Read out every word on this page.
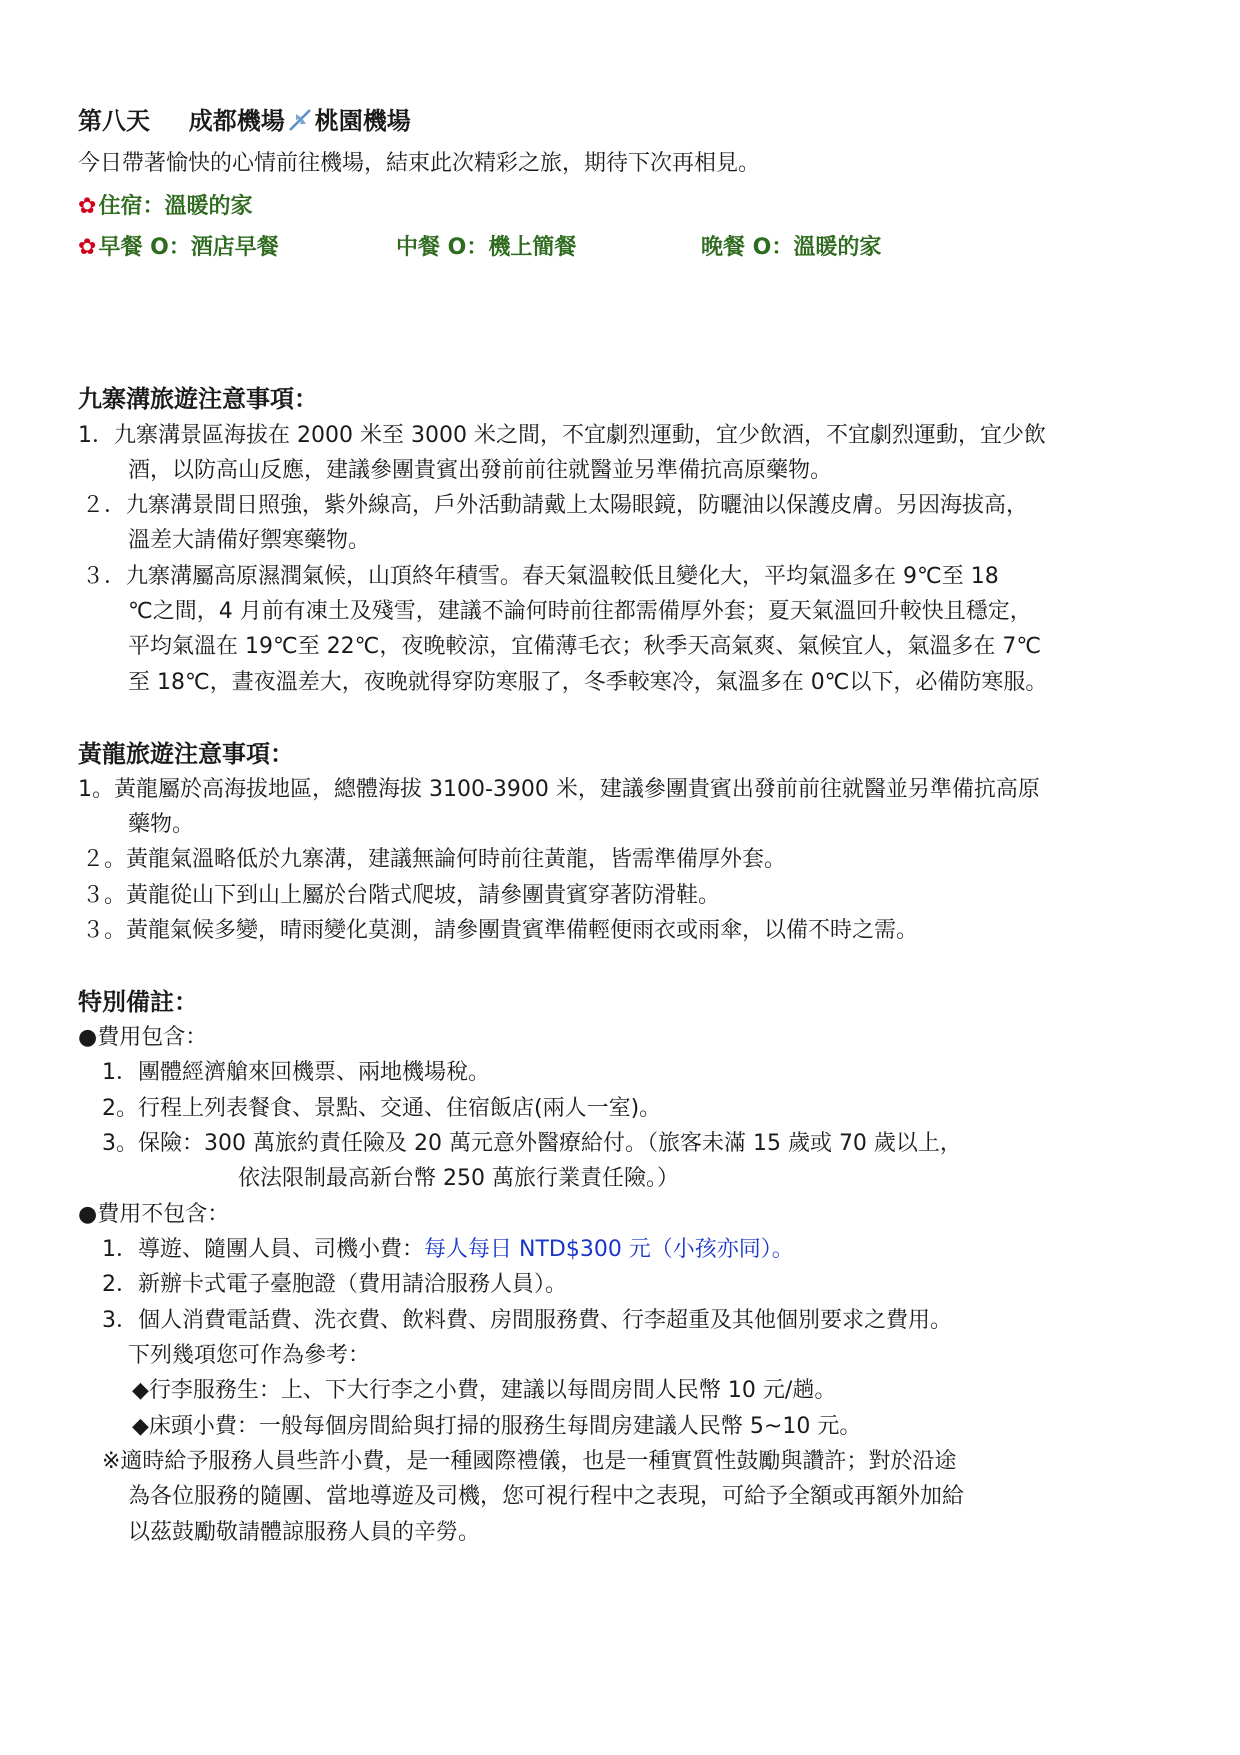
第八天 成都機場 桃園機場
今日帶著愉快的心情前往機場，結束此次精彩之旅，期待下次再相見。
✿住宿：溫暖的家
✿早餐 O：酒店早餐	中餐 O：機上簡餐	晚餐 O：溫暖的家
九寨溝旅遊注意事項：
1．九寨溝景區海拔在 2000 米至 3000 米之間，不宜劇烈運動，宜少飲酒，不宜劇烈運動，宜少飲
酒，以防高山反應，建議參團貴賓出發前前往就醫並另準備抗高原藥物。
２．九寨溝景間日照強，紫外線高，戶外活動請戴上太陽眼鏡，防曬油以保護皮膚。另因海拔高，
溫差大請備好禦寒藥物。
３．九寨溝屬高原濕潤氣候，山頂終年積雪。春天氣溫較低且變化大，平均氣溫多在 9℃至 18
℃之間，4 月前有凍土及殘雪，建議不論何時前往都需備厚外套；夏天氣溫回升較快且穩定，
平均氣溫在 19℃至 22℃，夜晚較涼，宜備薄毛衣；秋季天高氣爽、氣候宜人，氣溫多在 7℃
至 18℃，晝夜溫差大，夜晚就得穿防寒服了，冬季較寒冷，氣溫多在 0℃以下，必備防寒服。
黃龍旅遊注意事項：
1。黃龍屬於高海拔地區，總體海拔 3100-3900 米，建議參團貴賓出發前前往就醫並另準備抗高原
藥物。
２。黃龍氣溫略低於九寨溝，建議無論何時前往黃龍，皆需準備厚外套。
３。黃龍從山下到山上屬於台階式爬坡，請參團貴賓穿著防滑鞋。
３。黃龍氣候多變，晴雨變化莫測，請參團貴賓準備輕便雨衣或雨傘，以備不時之需。
特別備註：
●費用包含：
1．團體經濟艙來回機票、兩地機場稅。
2。行程上列表餐食、景點、交通、住宿飯店(兩人一室)。
3。保險：300 萬旅約責任險及 20 萬元意外醫療給付。（旅客未滿 15 歲或 70 歲以上，
依法限制最高新台幣 250 萬旅行業責任險。）
●費用不包含：
1．導遊、隨團人員、司機小費：每人每日 NTD$300 元（小孩亦同）。
2．新辦卡式電子臺胞證（費用請洽服務人員）。
3．個人消費電話費、洗衣費、飲料費、房間服務費、行李超重及其他個別要求之費用。
下列幾項您可作為參考：
◆行李服務生：上、下大行李之小費，建議以每間房間人民幣 10 元/趟。
◆床頭小費：一般每個房間給與打掃的服務生每間房建議人民幣 5~10 元。
※適時給予服務人員些許小費，是一種國際禮儀，也是一種實質性鼓勵與讚許；對於沿途
為各位服務的隨團、當地導遊及司機，您可視行程中之表現，可給予全額或再額外加給
以茲鼓勵敬請體諒服務人員的辛勞。
